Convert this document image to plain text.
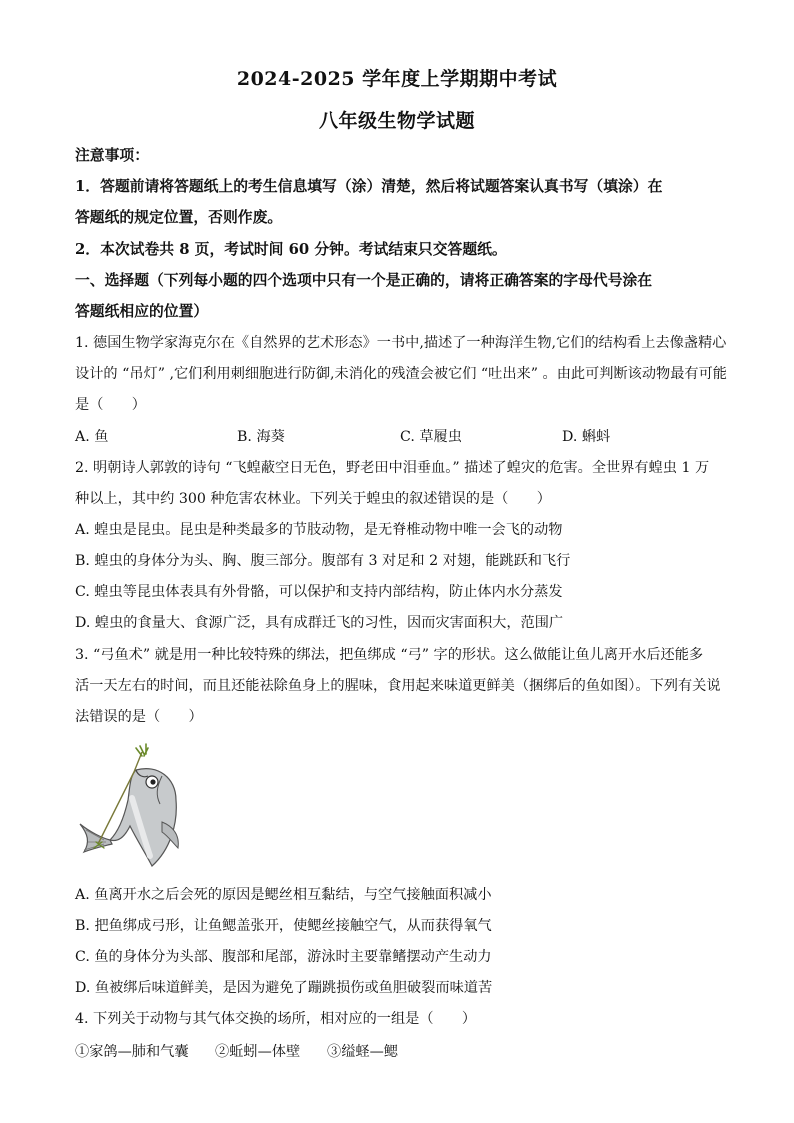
2024-2025 学年度上学期期中考试
八年级生物学试题
注意事项：
1．答题前请将答题纸上的考生信息填写（涂）清楚，然后将试题答案认真书写（填涂）在
答题纸的规定位置，否则作废。
2．本次试卷共 8 页，考试时间 60 分钟。考试结束只交答题纸。
一、选择题（下列每小题的四个选项中只有一个是正确的，请将正确答案的字母代号涂在
答题纸相应的位置）
1. 德国生物学家海克尔在《自然界的艺术形态》一书中,描述了一种海洋生物,它们的结构看上去像盏精心
设计的 “吊灯” ,它们利用刺细胞进行防御,未消化的残渣会被它们 “吐出来” 。由此可判断该动物最有可能
是（　　）
A. 鱼	B. 海葵	C. 草履虫	D. 蝌蚪
2. 明朝诗人郭敦的诗句 “飞蝗蔽空日无色，野老田中泪垂血。” 描述了蝗灾的危害。全世界有蝗虫 1 万
种以上，其中约 300 种危害农林业。下列关于蝗虫的叙述错误的是（　　）
A. 蝗虫是昆虫。昆虫是种类最多的节肢动物，是无脊椎动物中唯一会飞的动物
B. 蝗虫的身体分为头、胸、腹三部分。腹部有 3 对足和 2 对翅，能跳跃和飞行
C. 蝗虫等昆虫体表具有外骨骼，可以保护和支持内部结构，防止体内水分蒸发
D. 蝗虫的食量大、食源广泛，具有成群迁飞的习性，因而灾害面积大，范围广
3. “弓鱼术” 就是用一种比较特殊的绑法，把鱼绑成 “弓” 字的形状。这么做能让鱼儿离开水后还能多
活一天左右的时间，而且还能祛除鱼身上的腥味，食用起来味道更鲜美（捆绑后的鱼如图）。下列有关说
法错误的是（　　）
A. 鱼离开水之后会死的原因是鳃丝相互黏结，与空气接触面积减小
B. 把鱼绑成弓形，让鱼鳃盖张开，使鳃丝接触空气，从而获得氧气
C. 鱼的身体分为头部、腹部和尾部，游泳时主要靠鳍摆动产生动力
D. 鱼被绑后味道鲜美，是因为避免了蹦跳损伤或鱼胆破裂而味道苦
4. 下列关于动物与其气体交换的场所，相对应的一组是（　　）
①家鸽—肺和气囊 ②蚯蚓—体壁 ③缢蛏—鳃
